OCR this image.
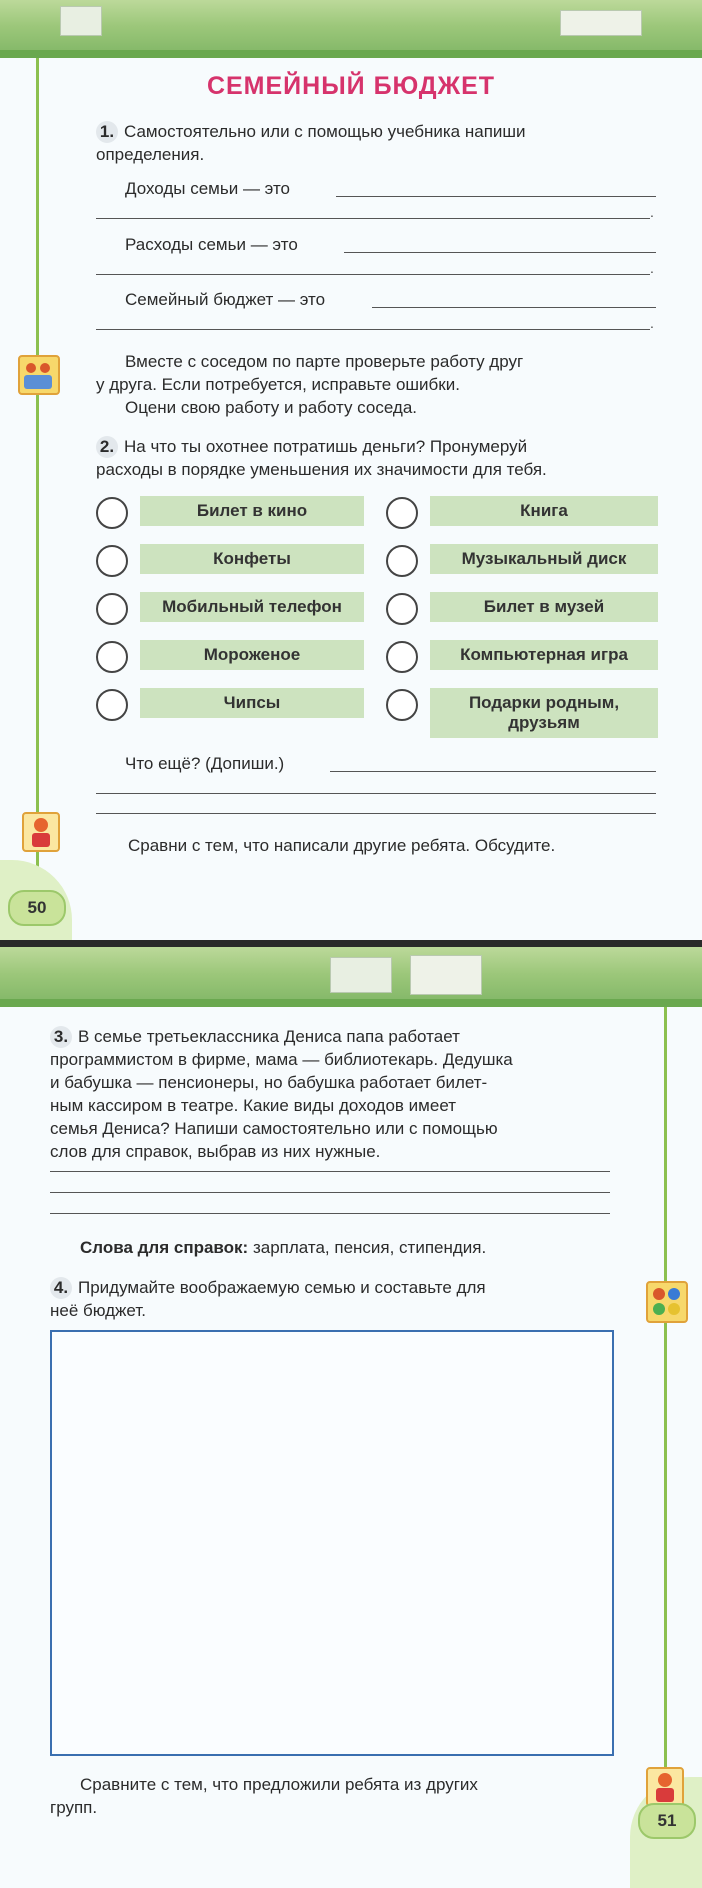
СЕМЕЙНЫЙ БЮДЖЕТ
1. Самостоятельно или с помощью учебника напиши
определения.
Доходы семьи — это
.
Расходы семьи — это
.
Семейный бюджет — это
.
Вместе с соседом по парте проверьте работу друг
у друга. Если потребуется, исправьте ошибки.
Оцени свою работу и работу соседа.
2. На что ты охотнее потратишь деньги? Пронумеруй
расходы в порядке уменьшения их значимости для тебя.
Билет в кино
Конфеты
Мобильный телефон
Мороженое
Чипсы
Книга
Музыкальный диск
Билет в музей
Компьютерная игра
Подарки родным, друзьям
Что ещё? (Допиши.)
Сравни с тем, что написали другие ребята. Обсудите.
50
3. В семье третьеклассника Дениса папа работает
программистом в фирме, мама — библиотекарь. Дедушка
и бабушка — пенсионеры, но бабушка работает билет-
ным кассиром в театре. Какие виды доходов имеет
семья Дениса? Напиши самостоятельно или с помощью
слов для справок, выбрав из них нужные.
Слова для справок: зарплата, пенсия, стипендия.
4. Придумайте воображаемую семью и составьте для
неё бюджет.
Сравните с тем, что предложили ребята из других
групп.
51
